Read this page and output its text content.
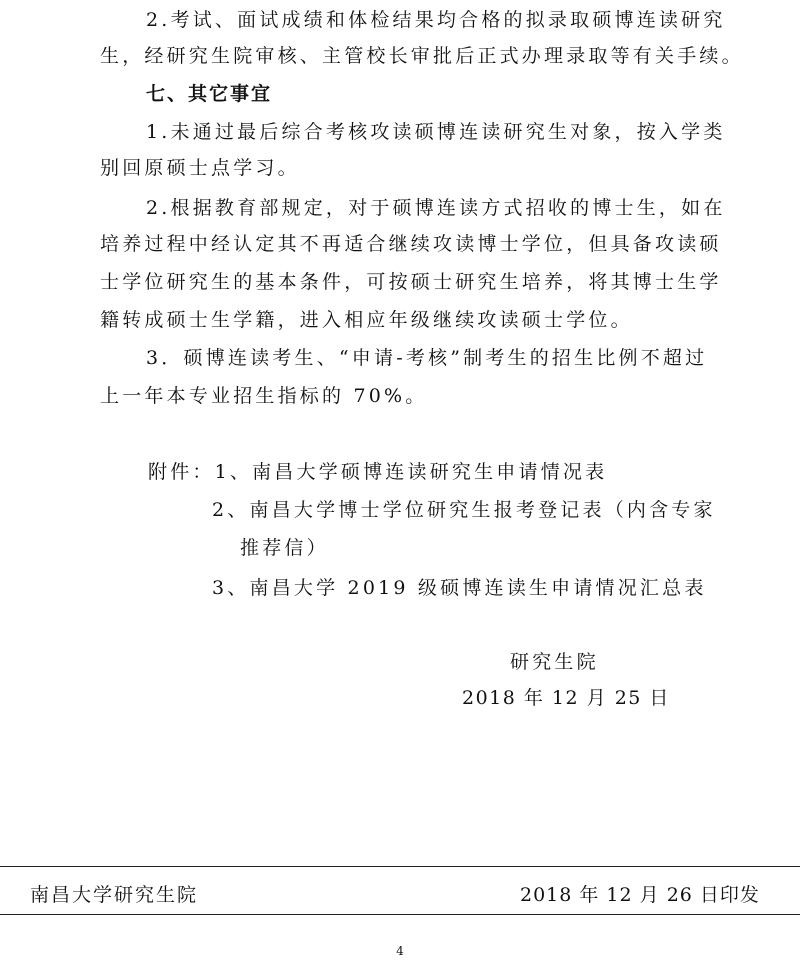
2.考试、面试成绩和体检结果均合格的拟录取硕博连读研究
生，经研究生院审核、主管校长审批后正式办理录取等有关手续。
七、其它事宜
1.未通过最后综合考核攻读硕博连读研究生对象，按入学类
别回原硕士点学习。
2.根据教育部规定，对于硕博连读方式招收的博士生，如在
培养过程中经认定其不再适合继续攻读博士学位，但具备攻读硕
士学位研究生的基本条件，可按硕士研究生培养，将其博士生学
籍转成硕士生学籍，进入相应年级继续攻读硕士学位。
3．硕博连读考生、“申请-考核”制考生的招生比例不超过
上一年本专业招生指标的 70%。
附件：1、南昌大学硕博连读研究生申请情况表
2、南昌大学博士学位研究生报考登记表（内含专家
推荐信）
3、南昌大学 2019 级硕博连读生申请情况汇总表
研究生院
2018 年 12 月 25 日
南昌大学研究生院	2018 年 12 月 26 日印发
4
